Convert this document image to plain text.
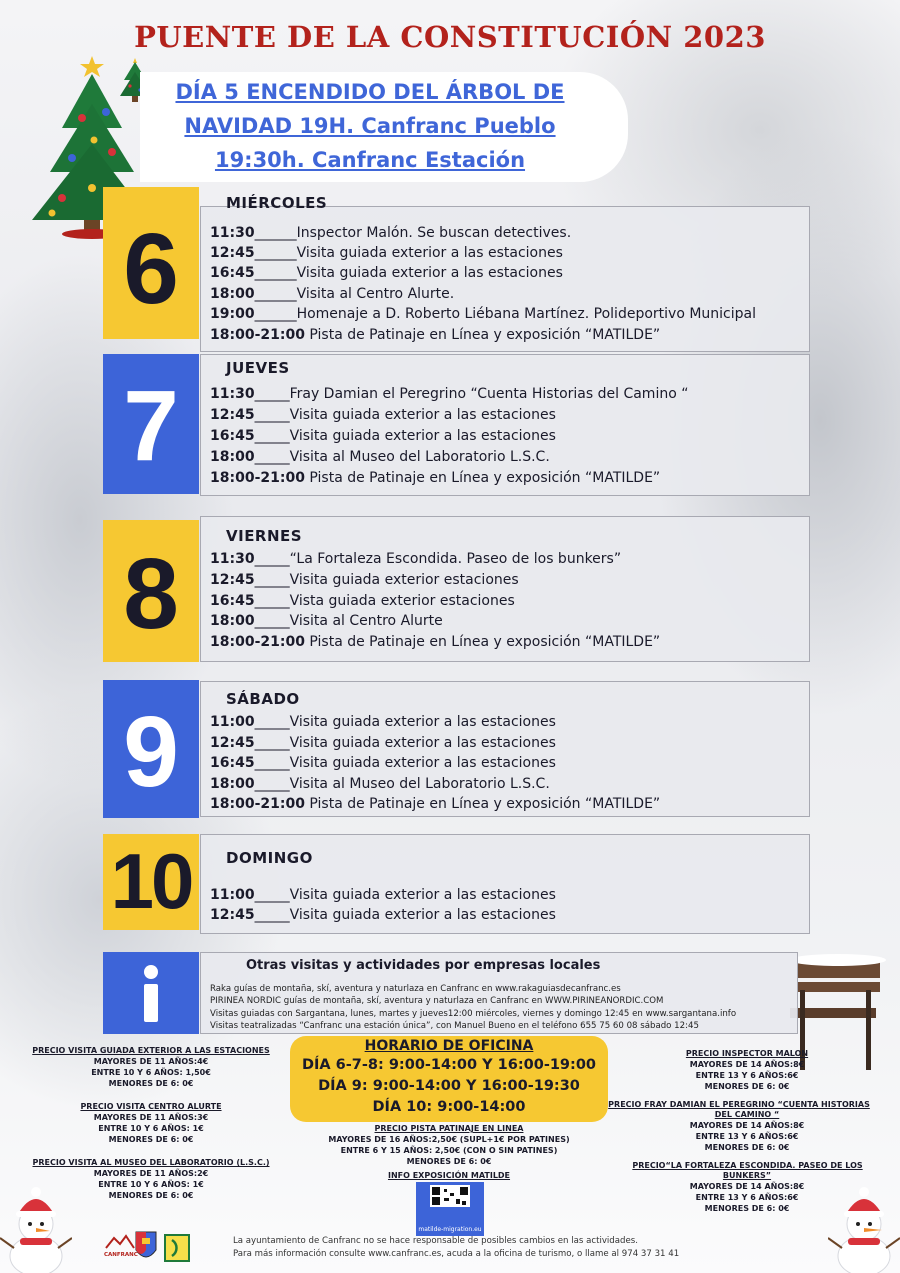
PUENTE DE LA CONSTITUCIÓN 2023
DÍA 5 ENCENDIDO DEL ÁRBOL DE
NAVIDAD 19H. Canfranc Pueblo
19:30h. Canfranc Estación
6
MIÉRCOLES
11:30______Inspector Malón. Se buscan detectives.
12:45______Visita guiada exterior a las estaciones
16:45______Visita guiada exterior a las estaciones
18:00______Visita al Centro Alurte.
19:00______Homenaje a D. Roberto Liébana Martínez. Polideportivo Municipal
18:00-21:00 Pista de Patinaje en Línea y exposición “MATILDE”
7
JUEVES
11:30_____Fray Damian el Peregrino “Cuenta Historias del Camino “
12:45_____Visita guiada exterior a las estaciones
16:45_____Visita guiada exterior a las estaciones
18:00_____Visita al Museo del Laboratorio L.S.C.
18:00-21:00 Pista de Patinaje en Línea y exposición “MATILDE”
8
VIERNES
11:30_____“La Fortaleza Escondida. Paseo de los bunkers”
12:45_____Visita guiada exterior estaciones
16:45_____Vista guiada exterior estaciones
18:00_____Visita al Centro Alurte
18:00-21:00 Pista de Patinaje en Línea y exposición “MATILDE”
9	SÁBADO
11:00_____Visita guiada exterior a las estaciones
12:45_____Visita guiada exterior a las estaciones
16:45_____Visita guiada exterior a las estaciones
18:00_____Visita al Museo del Laboratorio L.S.C.
18:00-21:00 Pista de Patinaje en Línea y exposición “MATILDE”
10	DOMINGO
11:00_____Visita guiada exterior a las estaciones
12:45_____Visita guiada exterior a las estaciones
Otras visitas y actividades por empresas locales
Raka guías de montaña, skí, aventura y naturlaza en Canfranc en www.rakaguiasdecanfranc.es
PIRINEA NORDIC guías de montaña, skí, aventura y naturlaza en Canfranc en WWW.PIRINEANORDIC.COM
Visitas guiadas con Sargantana, lunes, martes y jueves12:00 miércoles, viernes y domingo 12:45 en www.sargantana.info
Visitas teatralizadas “Canfranc una estación única”, con Manuel Bueno en el teléfono 655 75 60 08 sábado 12:45
PRECIO VISITA GUIADA EXTERIOR A LAS ESTACIONES
MAYORES DE 11 AÑOS:4€
ENTRE 10 Y 6 AÑOS: 1,50€
MENORES DE 6: 0€
PRECIO VISITA CENTRO ALURTE
MAYORES DE 11 AÑOS:3€
ENTRE 10 Y 6 AÑOS: 1€
MENORES DE 6: 0€
PRECIO VISITA AL MUSEO DEL LABORATORIO (L.S.C.)
MAYORES DE 11 AÑOS:2€
ENTRE 10 Y 6 AÑOS: 1€
MENORES DE 6: 0€
HORARIO DE OFICINA
DÍA 6-7-8: 9:00-14:00 Y 16:00-19:00
DÍA 9: 9:00-14:00 Y 16:00-19:30
DÍA 10: 9:00-14:00
PRECIO PISTA PATINAJE EN LINEA
MAYORES DE 16 AÑOS:2,50€ (SUPL+1€ POR PATINES)
ENTRE 6 Y 15 AÑOS: 2,50€ (CON O SIN PATINES)
MENORES DE 6: 0€
INFO EXPOSICIÓN MATILDE
matilde-migration.eu
PRECIO INSPECTOR MALON
MAYORES DE 14 AÑOS:8€
ENTRE 13 Y 6 AÑOS:6€
MENORES DE 6: 0€
PRECIO FRAY DAMIAN EL PEREGRINO “CUENTA HISTORIAS
DEL CAMINO “
MAYORES DE 14 AÑOS:8€
ENTRE 13 Y 6 AÑOS:6€
MENORES DE 6: 0€
PRECIO“LA FORTALEZA ESCONDIDA. PASEO DE LOS
BUNKERS”
MAYORES DE 14 AÑOS:8€
ENTRE 13 Y 6 AÑOS:6€
MENORES DE 6: 0€
La ayuntamiento de Canfranc no se hace responsable de posibles cambios en las actividades.
Para más información consulte www.canfranc.es, acuda a la oficina de turismo, o llame al 974 37 31 41
CANFRANC
